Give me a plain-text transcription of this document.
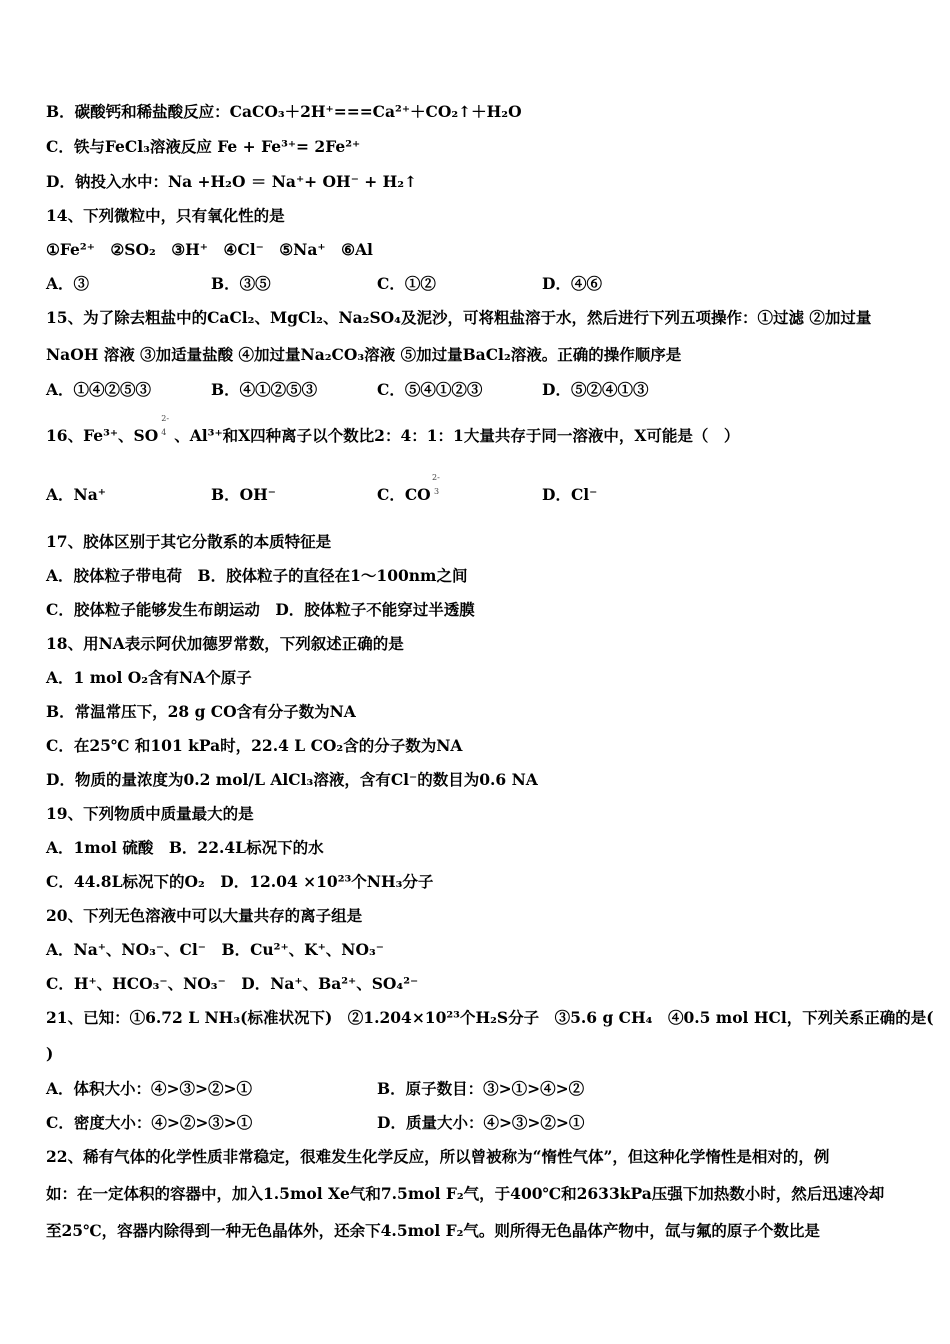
B．碳酸钙和稀盐酸反应：CaCO₃＋2H⁺===Ca²⁺＋CO₂↑＋H₂O
C．铁与FeCl₃溶液反应 Fe + Fe³⁺= 2Fe²⁺
D．钠投入水中：Na +H₂O ＝ Na⁺+ OH⁻ + H₂↑
14、下列微粒中，只有氧化性的是
①Fe²⁺　②SO₂　③H⁺　④Cl⁻　⑤Na⁺　⑥Al
A．③	B．③⑤	C．①②	D．④⑥
15、为了除去粗盐中的CaCl₂、MgCl₂、Na₂SO₄及泥沙，可将粗盐溶于水，然后进行下列五项操作：①过滤 ②加过量
NaOH 溶液 ③加适量盐酸 ④加过量Na₂CO₃溶液 ⑤加过量BaCl₂溶液。正确的操作顺序是
A．①④②⑤③	B．④①②⑤③	C．⑤④①②③	D．⑤②④①③
16、Fe³⁺、SO
2-
4 、Al³⁺和X四种离子以个数比2：4：1：1大量共存于同一溶液中，X可能是（　）
A．Na⁺	B．OH⁻	C．CO
2-
3	D．Cl⁻
17、胶体区别于其它分散系的本质特征是
A．胶体粒子带电荷　B．胶体粒子的直径在1～100nm之间
C．胶体粒子能够发生布朗运动　D．胶体粒子不能穿过半透膜
18、用NA表示阿伏加德罗常数，下列叙述正确的是
A．1 mol O₂含有NA个原子
B．常温常压下，28 g CO含有分子数为NA
C．在25℃ 和101 kPa时，22.4 L CO₂含的分子数为NA
D．物质的量浓度为0.2 mol/L AlCl₃溶液，含有Cl⁻的数目为0.6 NA
19、下列物质中质量最大的是
A．1mol 硫酸　B．22.4L标况下的水
C．44.8L标况下的O₂　D．12.04 ×10²³个NH₃分子
20、下列无色溶液中可以大量共存的离子组是
A．Na⁺、NO₃⁻、Cl⁻　B．Cu²⁺、K⁺、NO₃⁻
C．H⁺、HCO₃⁻、NO₃⁻　D．Na⁺、Ba²⁺、SO₄²⁻
21、已知：①6.72 L NH₃(标准状况下)　②1.204×10²³个H₂S分子　③5.6 g CH₄　④0.5 mol HCl，下列关系正确的是(
)
A．体积大小：④>③>②>①	B．原子数目：③>①>④>②
C．密度大小：④>②>③>①	D．质量大小：④>③>②>①
22、稀有气体的化学性质非常稳定，很难发生化学反应，所以曾被称为“惰性气体”，但这种化学惰性是相对的，例
如：在一定体积的容器中，加入1.5mol Xe气和7.5mol F₂气，于400℃和2633kPa压强下加热数小时，然后迅速冷却
至25℃，容器内除得到一种无色晶体外，还余下4.5mol F₂气。则所得无色晶体产物中，氙与氟的原子个数比是
